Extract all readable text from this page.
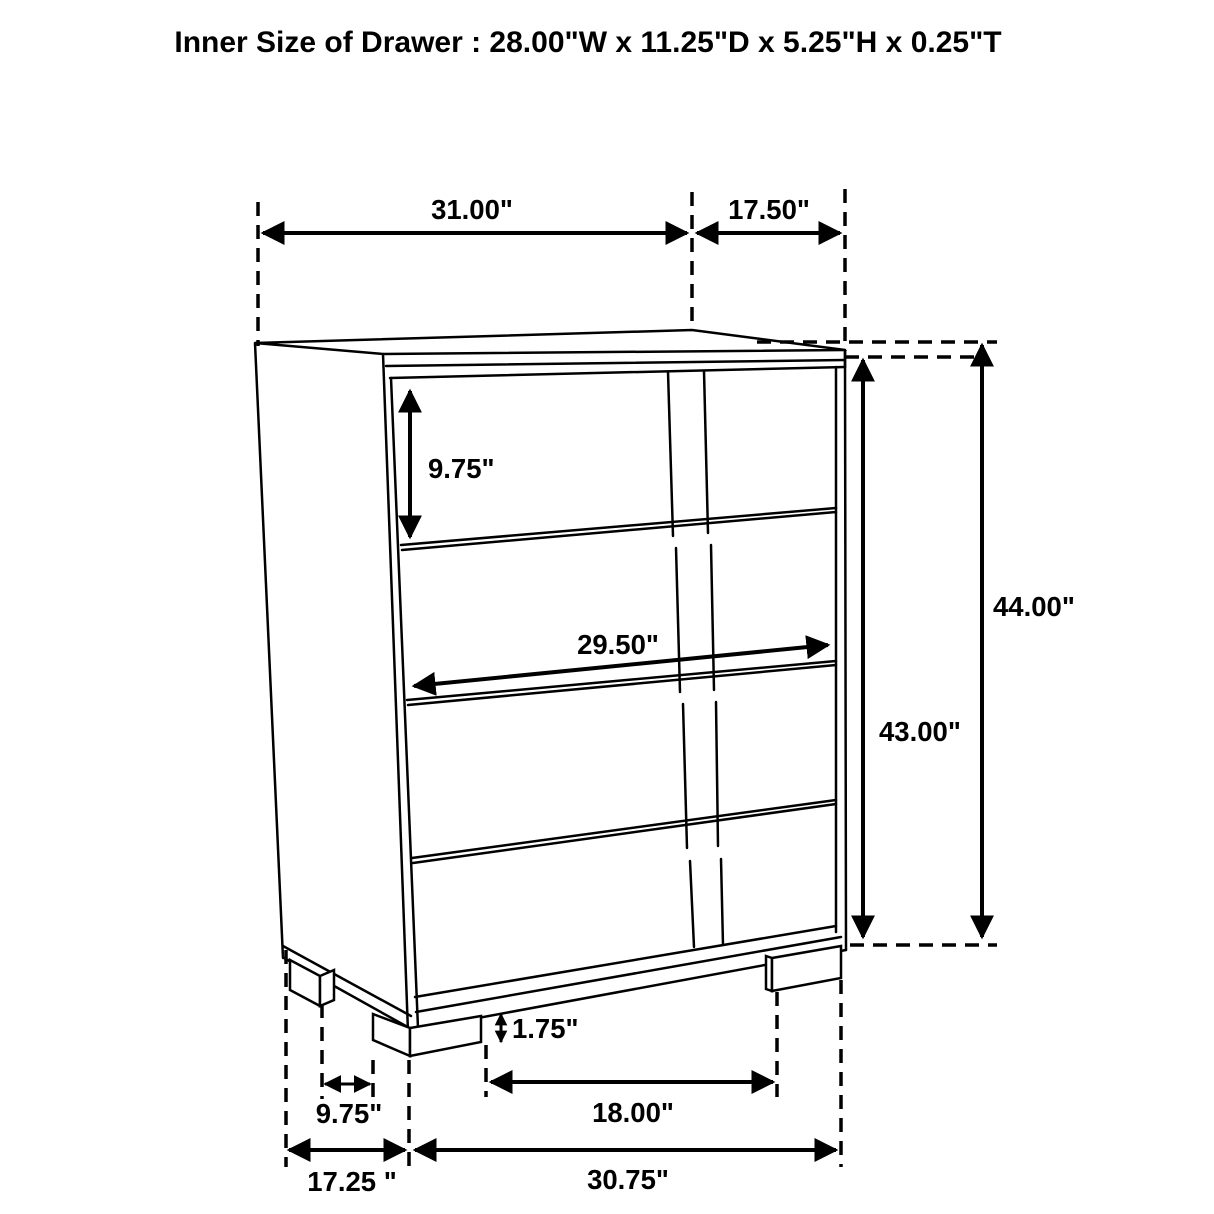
31.00"	17.50"
9.75"
29.50"
44.00"
43.00"
1.75"
9.75"
17.25 "
18.00"
30.75"
Inner Size of Drawer : 28.00"W x 11.25"D x 5.25"H x 0.25"T
